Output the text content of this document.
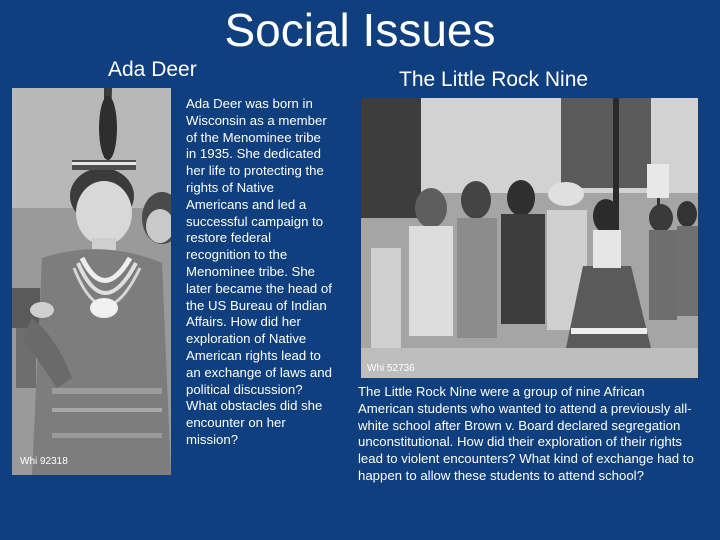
Social Issues
Ada Deer	The Little Rock Nine
Whi 92318
Ada Deer was born in Wisconsin as a member of the Menominee tribe in 1935. She dedicated her life to protecting the rights of Native Americans and led a successful campaign to restore federal recognition to the Menominee tribe. She later became the head of the US Bureau of Indian Affairs. How did her exploration of Native American rights lead to an exchange of laws and political discussion? What obstacles did she encounter on her mission?
Whi 52736
The Little Rock Nine were a group of nine African American students who wanted to attend a previously all-white school after Brown v. Board declared segregation unconstitutional. How did their exploration of their rights lead to violent encounters? What kind of exchange had to happen to allow these students to attend school?
